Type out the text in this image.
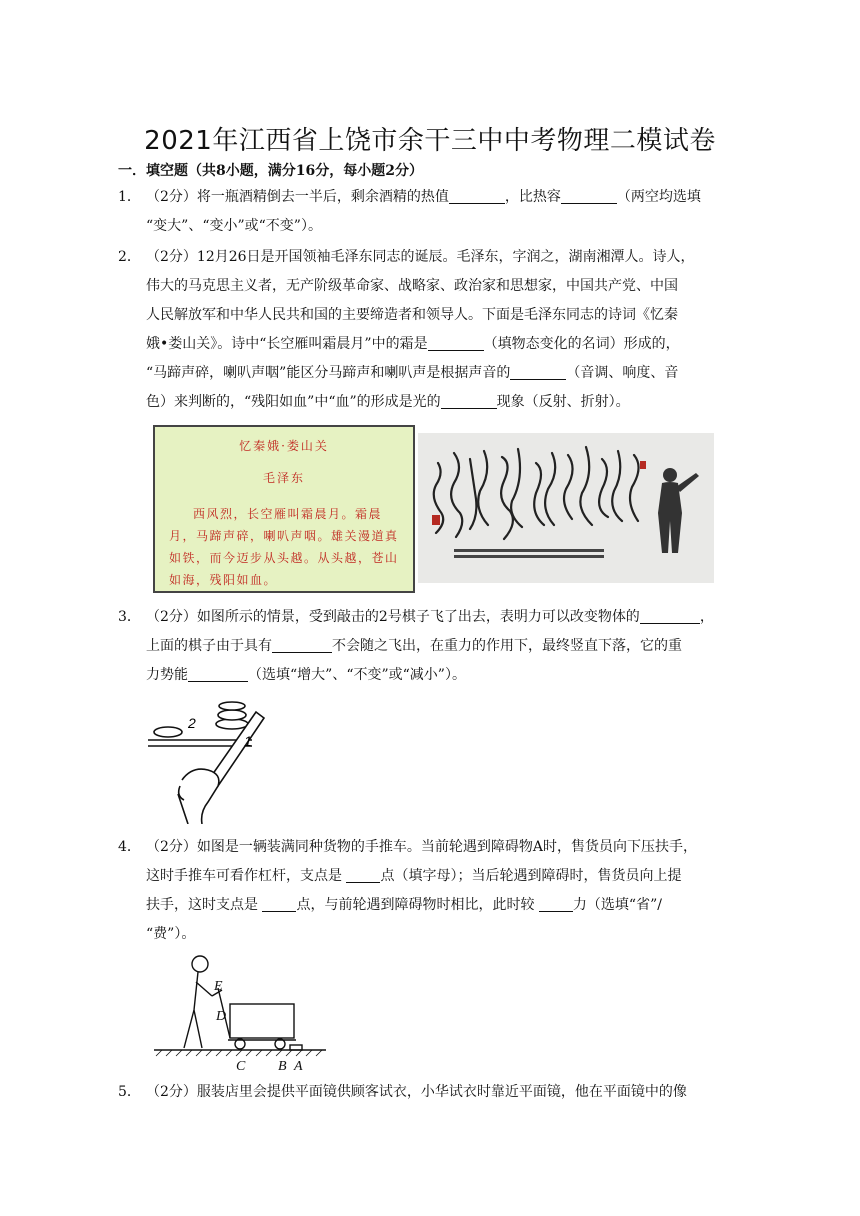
2021年江西省上饶市余干三中中考物理二模试卷
一．填空题（共8小题，满分16分，每小题2分）
1． （2分）将一瓶酒精倒去一半后，剩余酒精的热值	，比热容	（两空均选填
“变大”、“变小”或“不变”）。
2． （2分）12月26日是开国领袖毛泽东同志的诞辰。毛泽东，字润之，湖南湘潭人。诗人，
伟大的马克思主义者，无产阶级革命家、战略家、政治家和思想家，中国共产党、中国
人民解放军和中华人民共和国的主要缔造者和领导人。下面是毛泽东同志的诗词《忆秦
娥•娄山关》。诗中“长空雁叫霜晨月”中的霜是	（填物态变化的名词）形成的，
“马蹄声碎，喇叭声咽”能区分马蹄声和喇叭声是根据声音的	（音调、响度、音
色）来判断的，“残阳如血”中“血”的形成是光的	现象（反射、折射）。
忆秦娥·娄山关
毛泽东
西风烈，长空雁叫霜晨月。霜晨月，马蹄声碎，喇叭声咽。雄关漫道真如铁，而今迈步从头越。从头越，苍山如海，残阳如血。
3． （2分）如图所示的情景，受到敲击的2号棋子飞了出去，表明力可以改变物体的	，
上面的棋子由于具有	不会随之飞出，在重力的作用下，最终竖直下落，它的重
力势能	（选填“增大”、“不变”或“减小”）。
2
1
4． （2分）如图是一辆装满同种货物的手推车。当前轮遇到障碍物A时，售货员向下压扶手，
这时手推车可看作杠杆，支点是 点（填字母）；当后轮遇到障碍时，售货员向上提
扶手，这时支点是 点，与前轮遇到障碍物时相比，此时较 力（选填“省”/
“费”）。
E
D
C B A
5． （2分）服装店里会提供平面镜供顾客试衣，小华试衣时靠近平面镜，他在平面镜中的像
